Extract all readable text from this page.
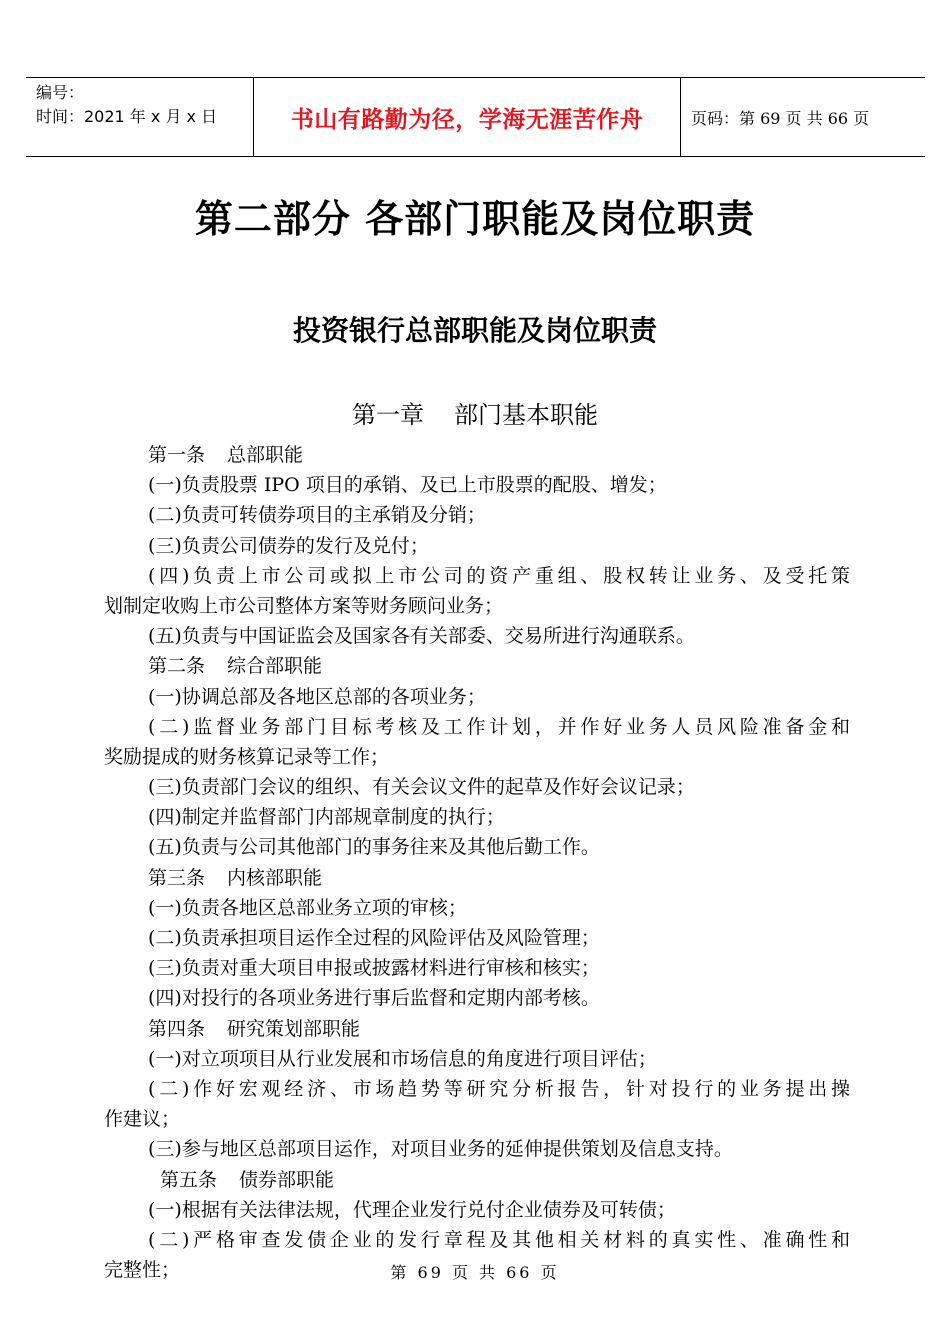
编号：
时间：2021 年 x 月 x 日	书山有路勤为径，学海无涯苦作舟	页码：第 69 页 共 66 页
第二部分 各部门职能及岗位职责
投资银行总部职能及岗位职责
第一章 部门基本职能
第一条 总部职能
(一)负责股票 IPO 项目的承销、及已上市股票的配股、增发；
(二)负责可转债券项目的主承销及分销；
(三)负责公司债券的发行及兑付；
(四)负责上市公司或拟上市公司的资产重组、股权转让业务、及受托策
划制定收购上市公司整体方案等财务顾问业务；
(五)负责与中国证监会及国家各有关部委、交易所进行沟通联系。
第二条 综合部职能
(一)协调总部及各地区总部的各项业务；
(二)监督业务部门目标考核及工作计划，并作好业务人员风险准备金和
奖励提成的财务核算记录等工作；
(三)负责部门会议的组织、有关会议文件的起草及作好会议记录；
(四)制定并监督部门内部规章制度的执行；
(五)负责与公司其他部门的事务往来及其他后勤工作。
第三条 内核部职能
(一)负责各地区总部业务立项的审核；
(二)负责承担项目运作全过程的风险评估及风险管理；
(三)负责对重大项目申报或披露材料进行审核和核实；
(四)对投行的各项业务进行事后监督和定期内部考核。
第四条 研究策划部职能
(一)对立项项目从行业发展和市场信息的角度进行项目评估；
(二)作好宏观经济、市场趋势等研究分析报告，针对投行的业务提出操
作建议；
(三)参与地区总部项目运作，对项目业务的延伸提供策划及信息支持。
第五条 债券部职能
(一)根据有关法律法规，代理企业发行兑付企业债券及可转债；
(二)严格审查发债企业的发行章程及其他相关材料的真实性、准确性和
完整性；	第 69 页 共 66 页
